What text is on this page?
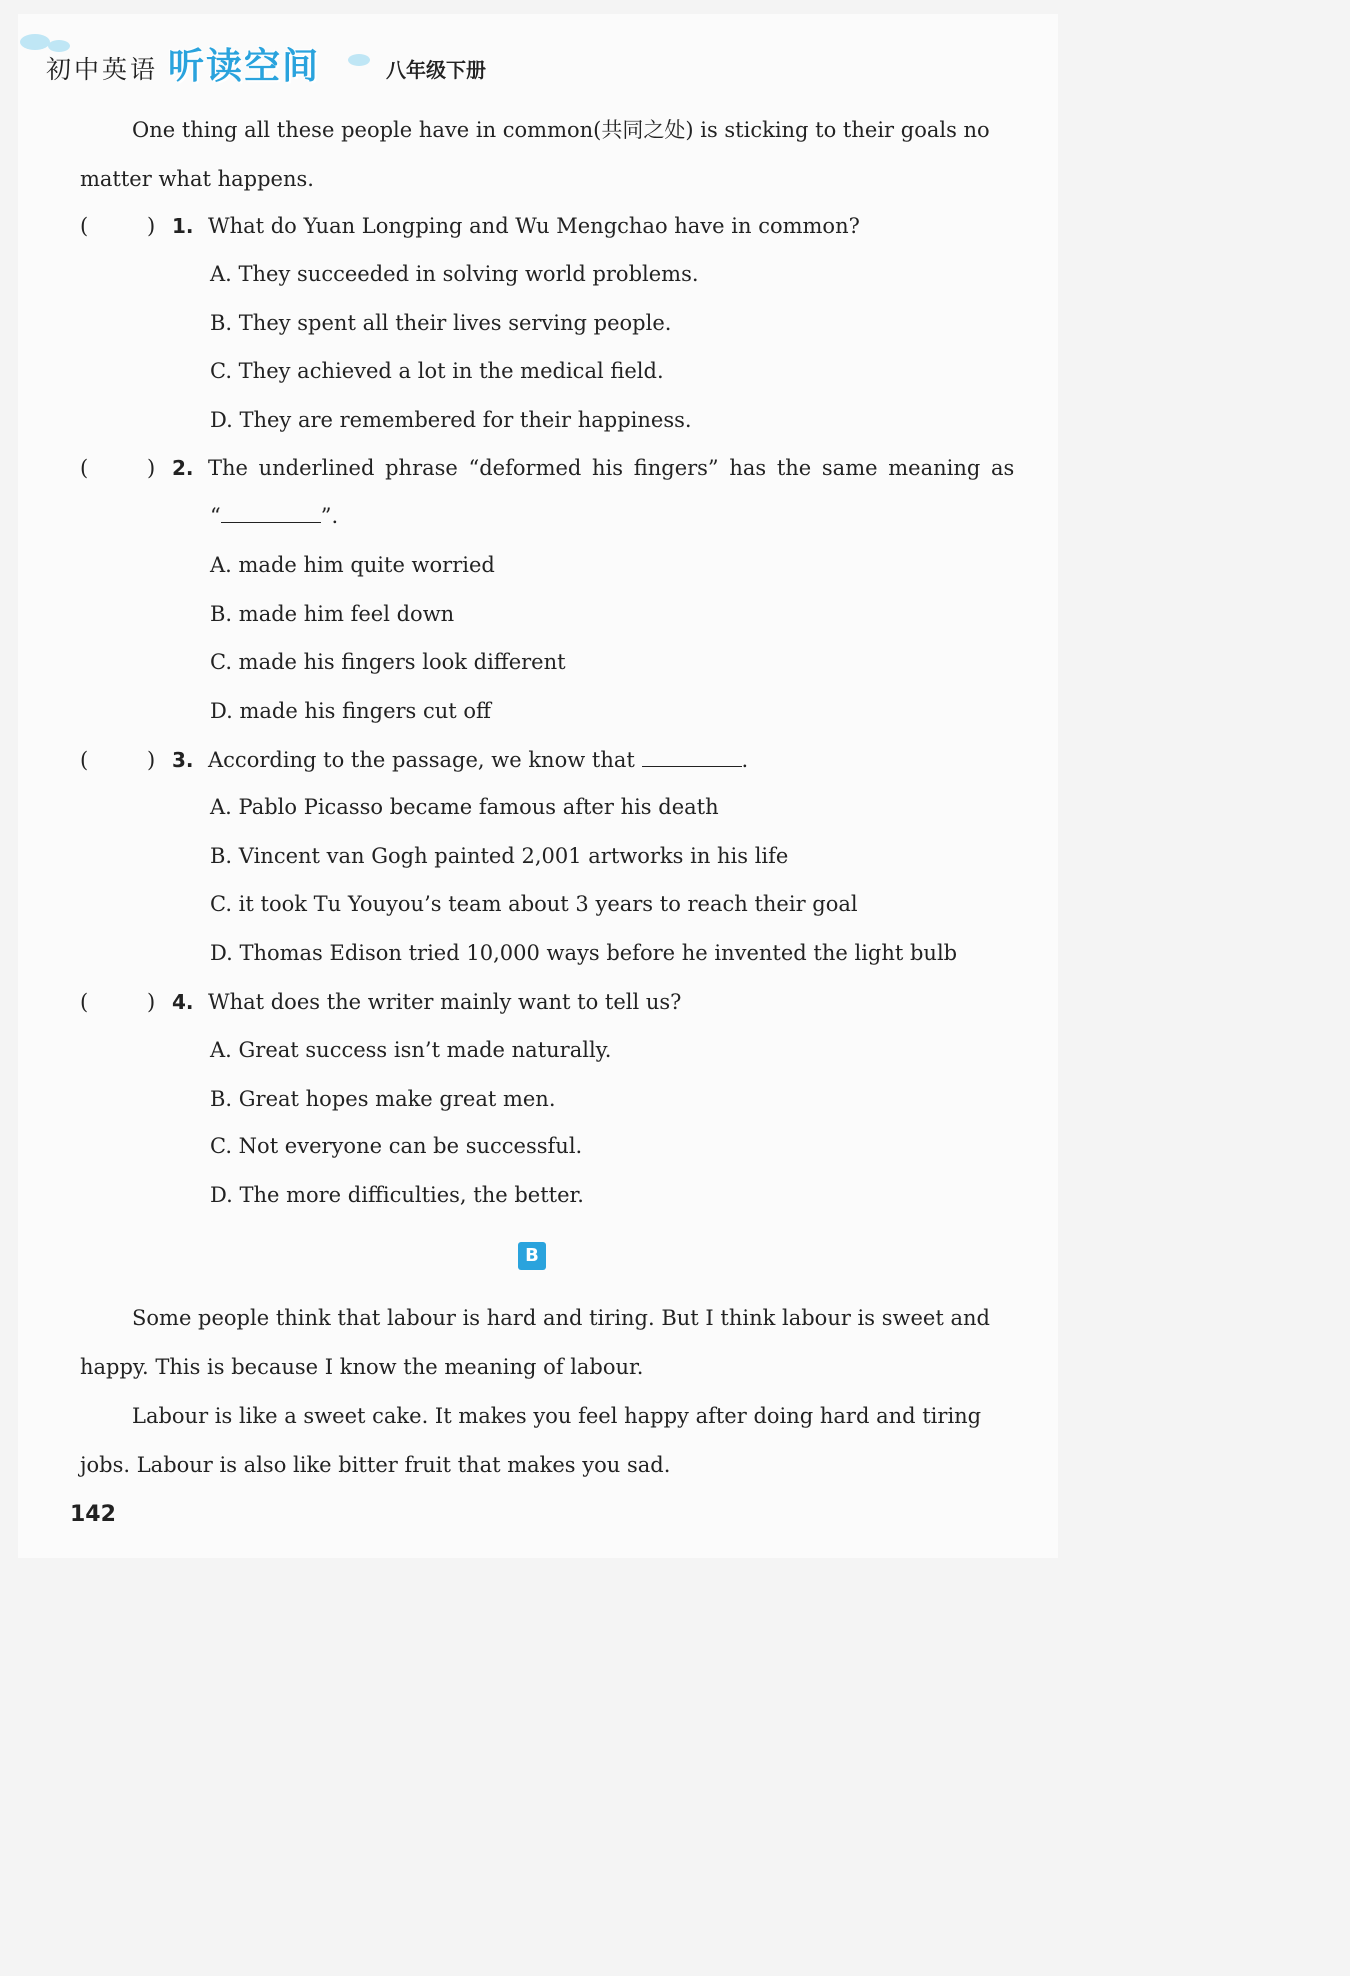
初中英语 听读空间	八年级下册
One thing all these people have in common(共同之处) is sticking to their goals no matter what happens.
(	) 1. What do Yuan Longping and Wu Mengchao have in common?
A. They succeeded in solving world problems.
B. They spent all their lives serving people.
C. They achieved a lot in the medical field.
D. They are remembered for their happiness.
(	) 2. The underlined phrase “deformed his fingers” has the same meaning as
“	”.
A. made him quite worried
B. made him feel down
C. made his fingers look different
D. made his fingers cut off
(	) 3. According to the passage, we know that	.
A. Pablo Picasso became famous after his death
B. Vincent van Gogh painted 2,001 artworks in his life
C. it took Tu Youyou’s team about 3 years to reach their goal
D. Thomas Edison tried 10,000 ways before he invented the light bulb
(	) 4. What does the writer mainly want to tell us?
A. Great success isn’t made naturally.
B. Great hopes make great men.
C. Not everyone can be successful.
D. The more difficulties, the better.
B
Some people think that labour is hard and tiring. But I think labour is sweet and happy. This is because I know the meaning of labour.
Labour is like a sweet cake. It makes you feel happy after doing hard and tiring jobs. Labour is also like bitter fruit that makes you sad.
142
